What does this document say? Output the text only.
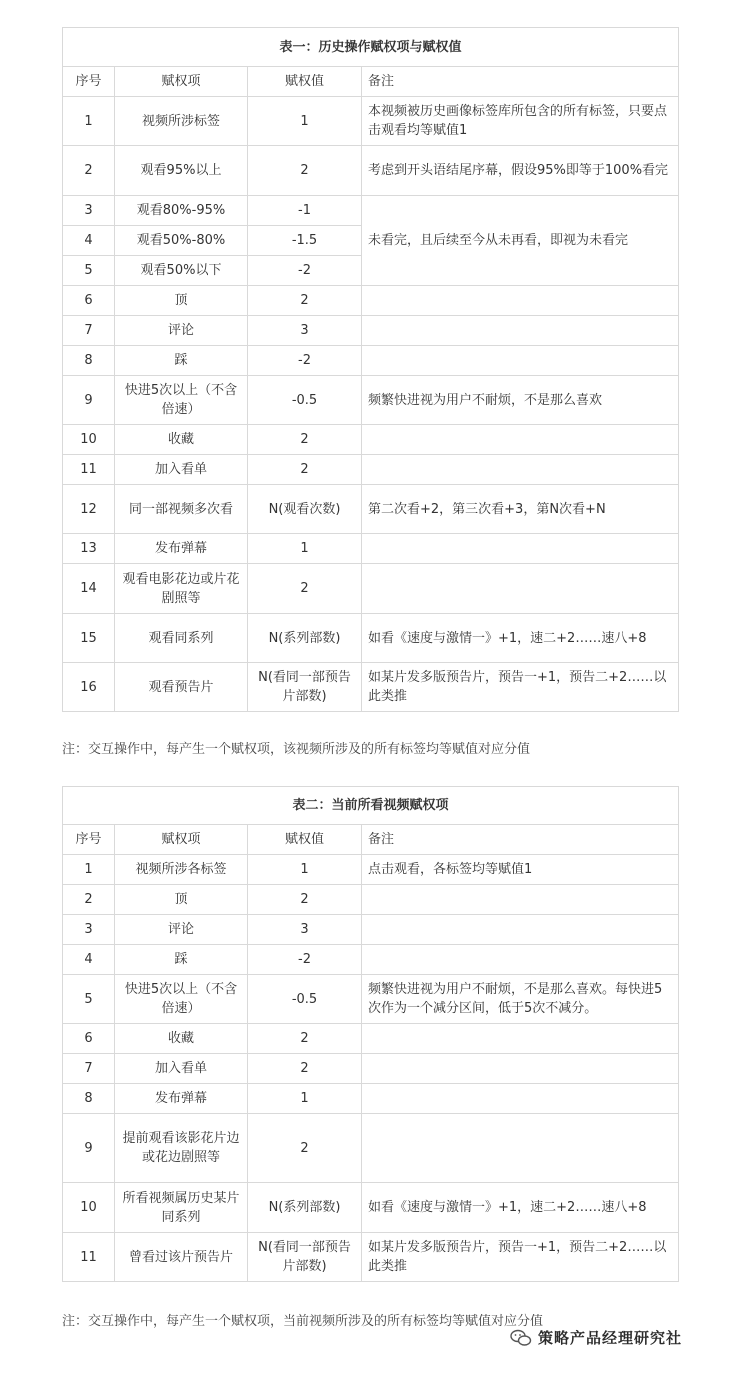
表一：历史操作赋权项与赋权值			
序号	赋权项	赋权值	备注
1	视频所涉标签	1	本视频被历史画像标签库所包含的所有标签，只要点击观看均等赋值1
2	观看95%以上	2	考虑到开头语结尾序幕，假设95%即等于100%看完
3	观看80%-95%	-1	未看完，且后续至今从未再看，即视为未看完
4	观看50%-80%	-1.5	
5	观看50%以下	-2	
6	顶	2	
7	评论	3	
8	踩	-2	
9	快进5次以上（不含倍速）	-0.5	频繁快进视为用户不耐烦，不是那么喜欢
10	收藏	2	
11	加入看单	2	
12	同一部视频多次看	N(观看次数)	第二次看+2，第三次看+3，第N次看+N
13	发布弹幕	1	
14	观看电影花边或片花剧照等	2	
15	观看同系列	N(系列部数)	如看《速度与激情一》+1，速二+2……速八+8
16	观看预告片	N(看同一部预告片部数)	如某片发多版预告片，预告一+1，预告二+2……以此类推
注：交互操作中，每产生一个赋权项，该视频所涉及的所有标签均等赋值对应分值
表二：当前所看视频赋权项			
序号	赋权项	赋权值	备注
1	视频所涉各标签	1	点击观看，各标签均等赋值1
2	顶	2	
3	评论	3	
4	踩	-2	
5	快进5次以上（不含倍速）	-0.5	频繁快进视为用户不耐烦，不是那么喜欢。每快进5次作为一个减分区间，低于5次不减分。
6	收藏	2	
7	加入看单	2	
8	发布弹幕	1	
9	提前观看该影花片边或花边剧照等	2	
10	所看视频属历史某片同系列	N(系列部数)	如看《速度与激情一》+1，速二+2……速八+8
11	曾看过该片预告片	N(看同一部预告片部数)	如某片发多版预告片，预告一+1，预告二+2……以此类推
注：交互操作中，每产生一个赋权项，当前视频所涉及的所有标签均等赋值对应分值
策略产品经理研究社
